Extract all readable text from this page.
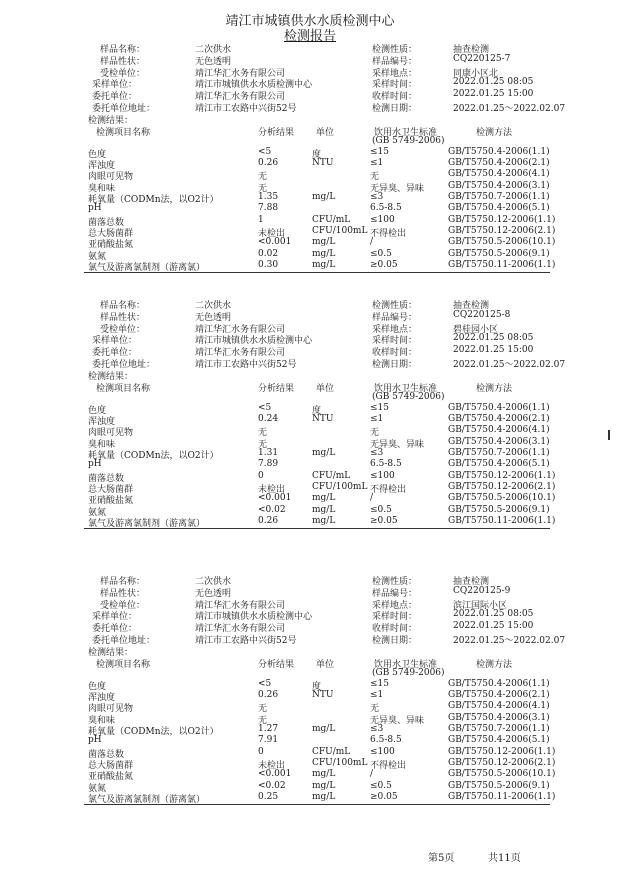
靖江市城镇供水水质检测中心
检测报告
样品名称：	二次供水
样品性状：	无色透明
受检单位：	靖江华汇水务有限公司
采样单位：	靖江市城镇供水水质检测中心
委托单位：	靖江华汇水务有限公司
委托单位地址：	靖江市工农路中兴街52号
检测性质：	抽查检测
样品编号：	CQ220125-7
采样地点：	同康小区北
采样时间：	2022.01.25 08:05
收样时间：	2022.01.25 15:00
检测日期：	2022.01.25～2022.02.07
检测结果：
检测项目名称	分析结果 单位	饮用水卫生标准
(GB 5749-2006)
检测方法
色度	<5	度	≤15	GB/T5750.4-2006(1.1)
浑浊度	0.26	NTU	≤1	GB/T5750.4-2006(2.1)
肉眼可见物	无	无	GB/T5750.4-2006(4.1)
臭和味	无	无异臭、异味	GB/T5750.4-2006(3.1)
耗氧量（CODMn法，以O2计）	1.35	mg/L	≤3	GB/T5750.7-2006(1.1)
pH	7.88	6.5-8.5	GB/T5750.4-2006(5.1)
菌落总数	1	CFU/mL ≤100	GB/T5750.12-2006(1.1)
总大肠菌群	未检出	CFU/100mL 不得检出	GB/T5750.12-2006(2.1)
亚硝酸盐氮	<0.001 mg/L	/	GB/T5750.5-2006(10.1)
氨氮	0.02	mg/L	≤0.5	GB/T5750.5-2006(9.1)
氯气及游离氯制剂（游离氯）	0.30	mg/L	≥0.05	GB/T5750.11-2006(1.1)
样品名称：	二次供水
样品性状：	无色透明
受检单位：	靖江华汇水务有限公司
采样单位：	靖江市城镇供水水质检测中心
委托单位：	靖江华汇水务有限公司
委托单位地址：	靖江市工农路中兴街52号
检测性质：	抽查检测
样品编号：	CQ220125-8
采样地点：	碧桂园小区
采样时间：	2022.01.25 08:05
收样时间：	2022.01.25 15:00
检测日期：	2022.01.25～2022.02.07
检测结果：
检测项目名称	分析结果 单位	饮用水卫生标准
(GB 5749-2006)
检测方法
色度	<5	度	≤15	GB/T5750.4-2006(1.1)
浑浊度	0.24	NTU	≤1	GB/T5750.4-2006(2.1)
肉眼可见物	无	无	GB/T5750.4-2006(4.1)
臭和味	无	无异臭、异味	GB/T5750.4-2006(3.1)
耗氧量（CODMn法，以O2计）	1.31	mg/L	≤3	GB/T5750.7-2006(1.1)
pH	7.89	6.5-8.5	GB/T5750.4-2006(5.1)
菌落总数	0	CFU/mL ≤100	GB/T5750.12-2006(1.1)
总大肠菌群	未检出	CFU/100mL 不得检出	GB/T5750.12-2006(2.1)
亚硝酸盐氮	<0.001 mg/L	/	GB/T5750.5-2006(10.1)
氨氮	<0.02	mg/L	≤0.5	GB/T5750.5-2006(9.1)
氯气及游离氯制剂（游离氯）	0.26	mg/L	≥0.05	GB/T5750.11-2006(1.1)
样品名称：	二次供水
样品性状：	无色透明
受检单位：	靖江华汇水务有限公司
采样单位：	靖江市城镇供水水质检测中心
委托单位：	靖江华汇水务有限公司
委托单位地址：	靖江市工农路中兴街52号
检测性质：	抽查检测
样品编号：	CQ220125-9
采样地点：	滨江国际小区
采样时间：	2022.01.25 08:05
收样时间：	2022.01.25 15:00
检测日期：	2022.01.25～2022.02.07
检测结果：
检测项目名称	分析结果 单位	饮用水卫生标准
(GB 5749-2006)
检测方法
色度	<5	度	≤15	GB/T5750.4-2006(1.1)
浑浊度	0.26	NTU	≤1	GB/T5750.4-2006(2.1)
肉眼可见物	无	无	GB/T5750.4-2006(4.1)
臭和味	无	无异臭、异味	GB/T5750.4-2006(3.1)
耗氧量（CODMn法，以O2计）	1.27	mg/L	≤3	GB/T5750.7-2006(1.1)
pH	7.91	6.5-8.5	GB/T5750.4-2006(5.1)
菌落总数	0	CFU/mL ≤100	GB/T5750.12-2006(1.1)
总大肠菌群	未检出	CFU/100mL 不得检出	GB/T5750.12-2006(2.1)
亚硝酸盐氮	<0.001 mg/L	/	GB/T5750.5-2006(10.1)
氨氮	<0.02	mg/L	≤0.5	GB/T5750.5-2006(9.1)
氯气及游离氯制剂（游离氯）	0.25	mg/L	≥0.05	GB/T5750.11-2006(1.1)
第5页	共11页
